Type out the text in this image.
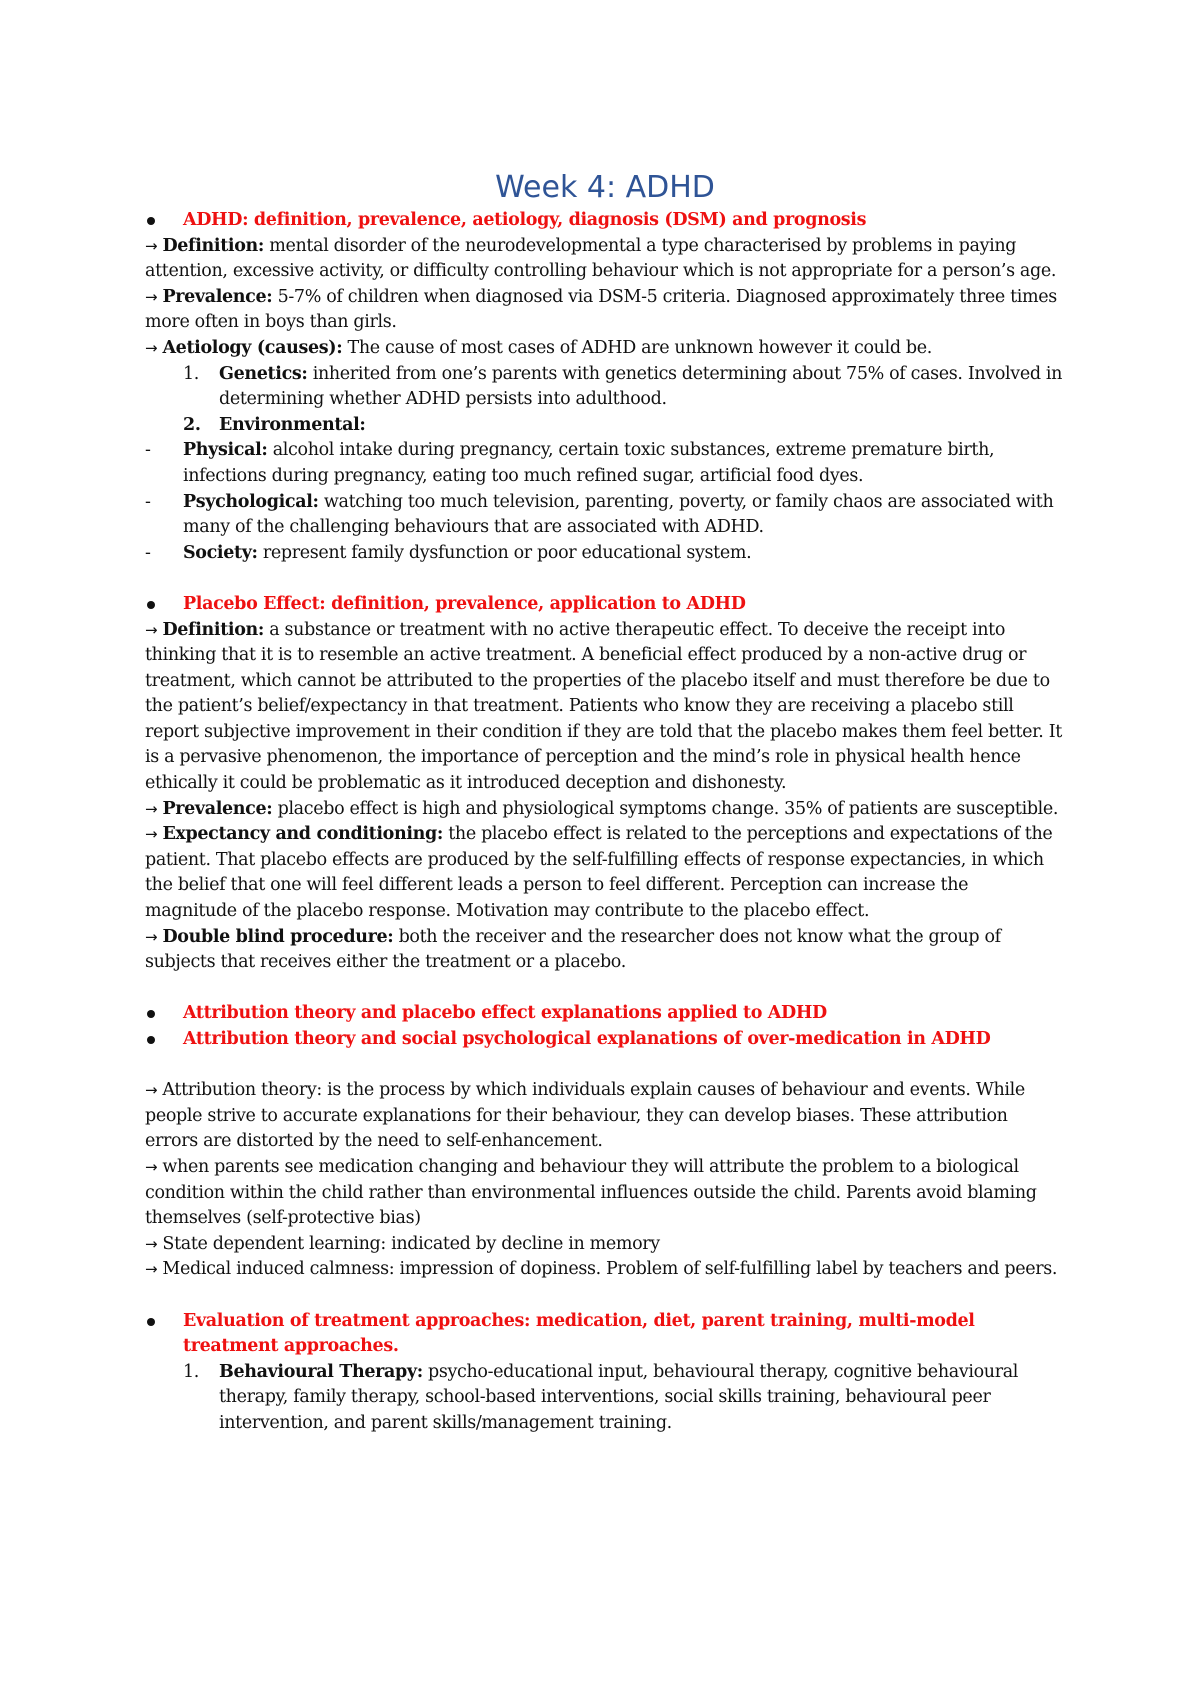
Week 4: ADHD
ADHD: definition, prevalence, aetiology, diagnosis (DSM) and prognosis

→ Definition: mental disorder of the neurodevelopmental a type characterised by problems in paying attention, excessive activity, or difficulty controlling behaviour which is not appropriate for a person’s age.

→ Prevalence: 5-7% of children when diagnosed via DSM-5 criteria. Diagnosed approximately three times more often in boys than girls.

→ Aetiology (causes): The cause of most cases of ADHD are unknown however it could be.

1. Genetics: inherited from one’s parents with genetics determining about 75% of cases. Involved in determining whether ADHD persists into adulthood.
2. Environmental:
- Physical: alcohol intake during pregnancy, certain toxic substances, extreme premature birth, infections during pregnancy, eating too much refined sugar, artificial food dyes.
- Psychological: watching too much television, parenting, poverty, or family chaos are associated with many of the challenging behaviours that are associated with ADHD.
- Society: represent family dysfunction or poor educational system.
Placebo Effect: definition, prevalence, application to ADHD

→ Definition: a substance or treatment with no active therapeutic effect. To deceive the receipt into thinking that it is to resemble an active treatment. A beneficial effect produced by a non-active drug or treatment, which cannot be attributed to the properties of the placebo itself and must therefore be due to the patient’s belief/expectancy in that treatment. Patients who know they are receiving a placebo still report subjective improvement in their condition if they are told that the placebo makes them feel better. It is a pervasive phenomenon, the importance of perception and the mind’s role in physical health hence ethically it could be problematic as it introduced deception and dishonesty.

→ Prevalence: placebo effect is high and physiological symptoms change. 35% of patients are susceptible.

→ Expectancy and conditioning: the placebo effect is related to the perceptions and expectations of the patient. That placebo effects are produced by the self-fulfilling effects of response expectancies, in which the belief that one will feel different leads a person to feel different. Perception can increase the magnitude of the placebo response. Motivation may contribute to the placebo effect.

→ Double blind procedure: both the receiver and the researcher does not know what the group of subjects that receives either the treatment or a placebo.

Attribution theory and placebo effect explanations applied to ADHD
Attribution theory and social psychological explanations of over-medication in ADHD

→ Attribution theory: is the process by which individuals explain causes of behaviour and events. While people strive to accurate explanations for their behaviour, they can develop biases. These attribution errors are distorted by the need to self-enhancement.

→ when parents see medication changing and behaviour they will attribute the problem to a biological condition within the child rather than environmental influences outside the child. Parents avoid blaming themselves (self-protective bias)

→ State dependent learning: indicated by decline in memory

→ Medical induced calmness: impression of dopiness. Problem of self-fulfilling label by teachers and peers.

Evaluation of treatment approaches: medication, diet, parent training, multi-model treatment approaches.
1. Behavioural Therapy: psycho-educational input, behavioural therapy, cognitive behavioural therapy, family therapy, school-based interventions, social skills training, behavioural peer intervention, and parent skills/management training.
